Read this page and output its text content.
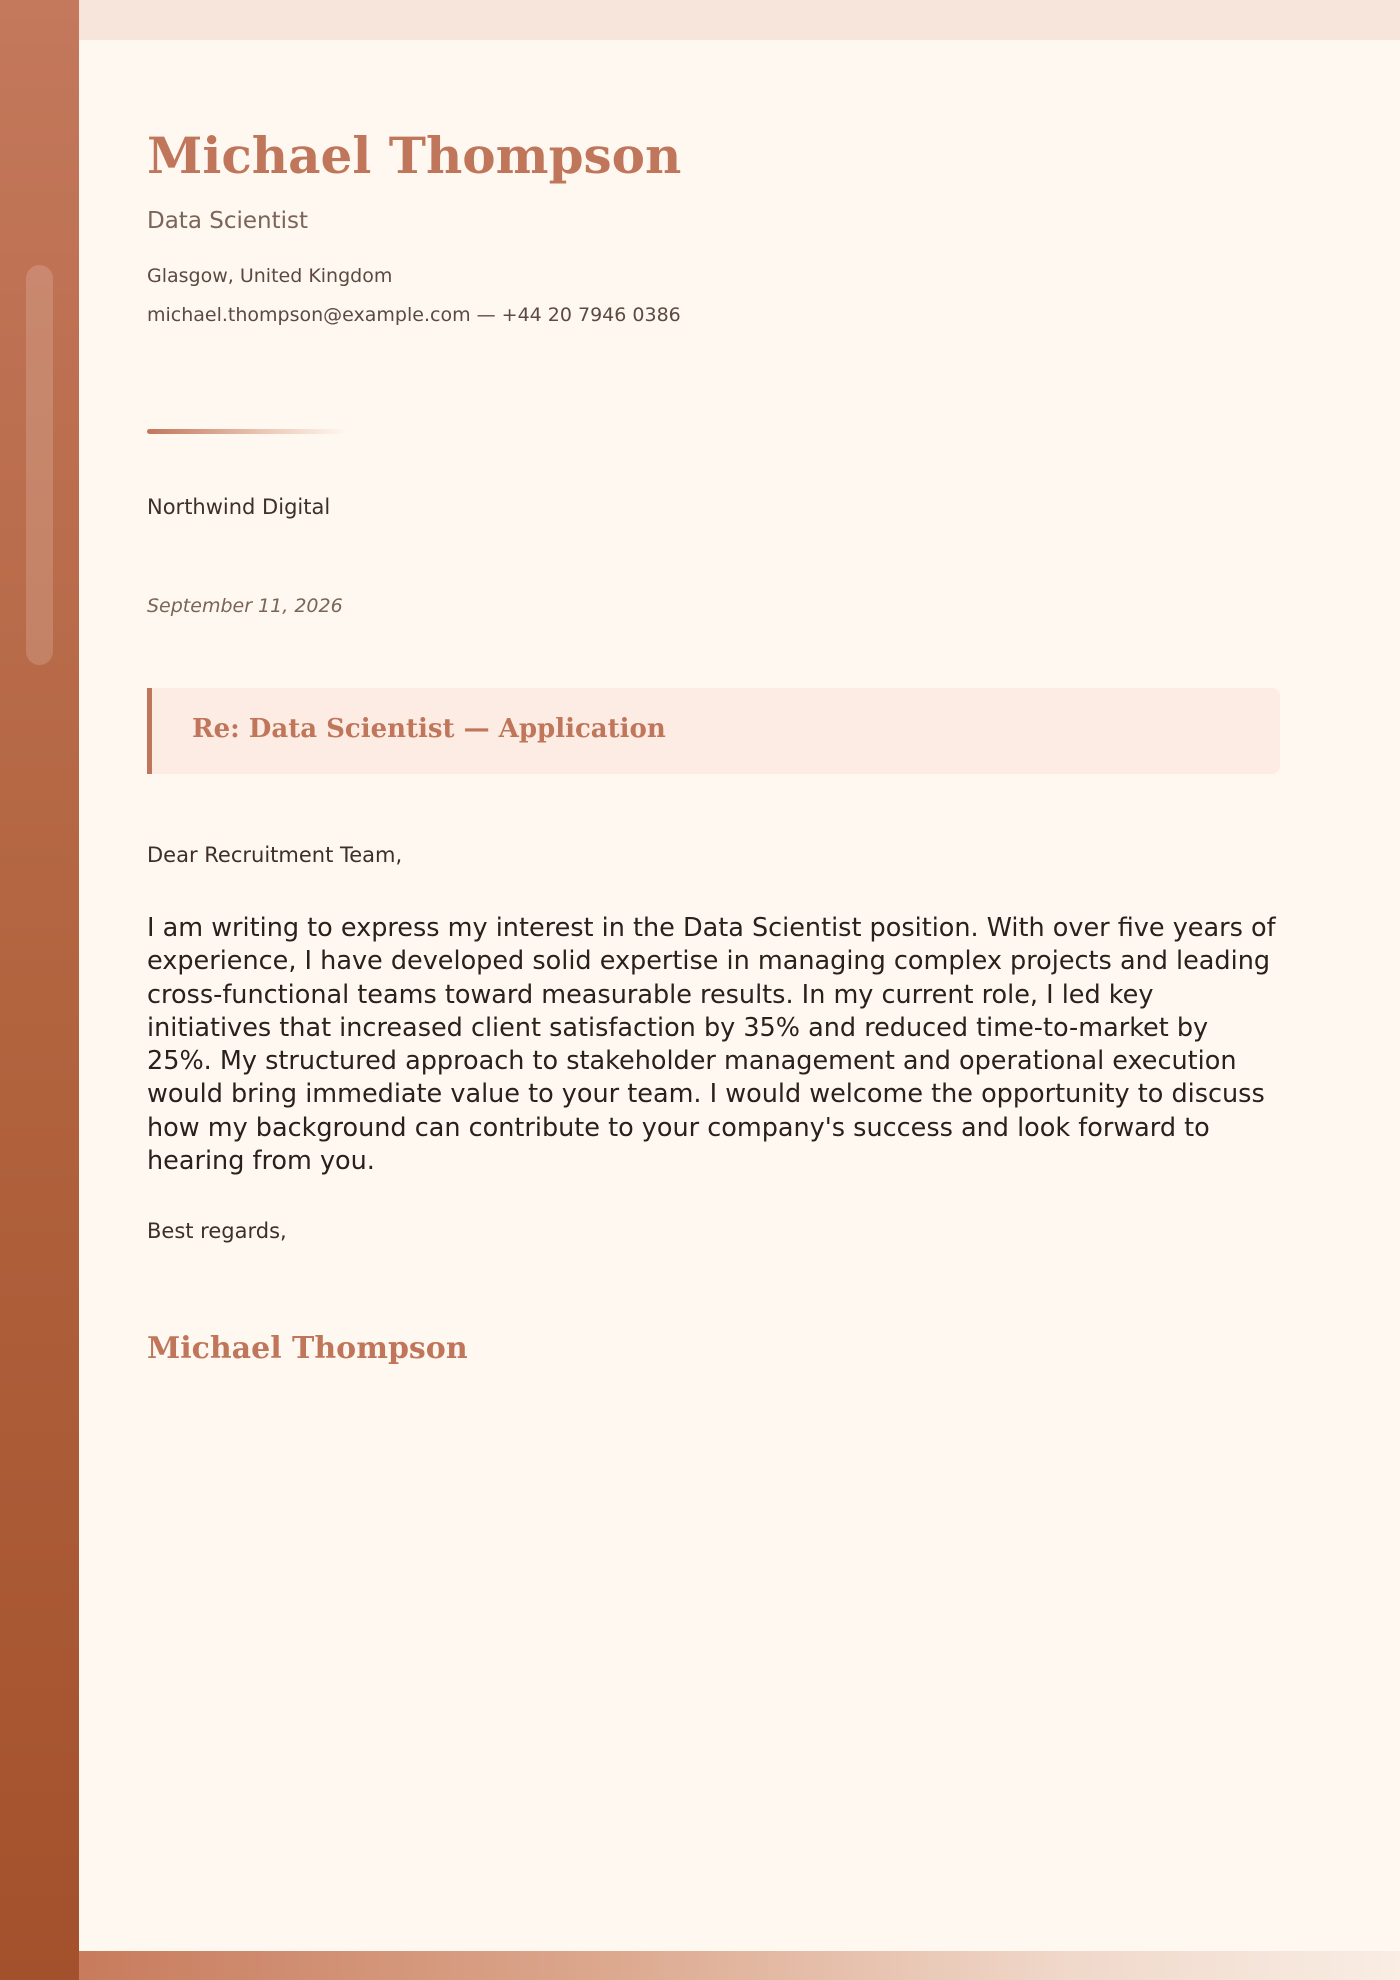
Michael Thompson
Data Scientist
Glasgow, United Kingdom
michael.thompson@example.com — +44 20 7946 0386
Northwind Digital
September 11, 2026
Re: Data Scientist — Application
Dear Recruitment Team,

I am writing to express my interest in the Data Scientist position. With over five years of experience, I have developed solid expertise in managing complex projects and leading cross-functional teams toward measurable results. In my current role, I led key initiatives that increased client satisfaction by 35% and reduced time-to-market by 25%. My structured approach to stakeholder management and operational execution would bring immediate value to your team. I would welcome the opportunity to discuss how my background can contribute to your company's success and look forward to hearing from you.

Best regards,
Michael Thompson
